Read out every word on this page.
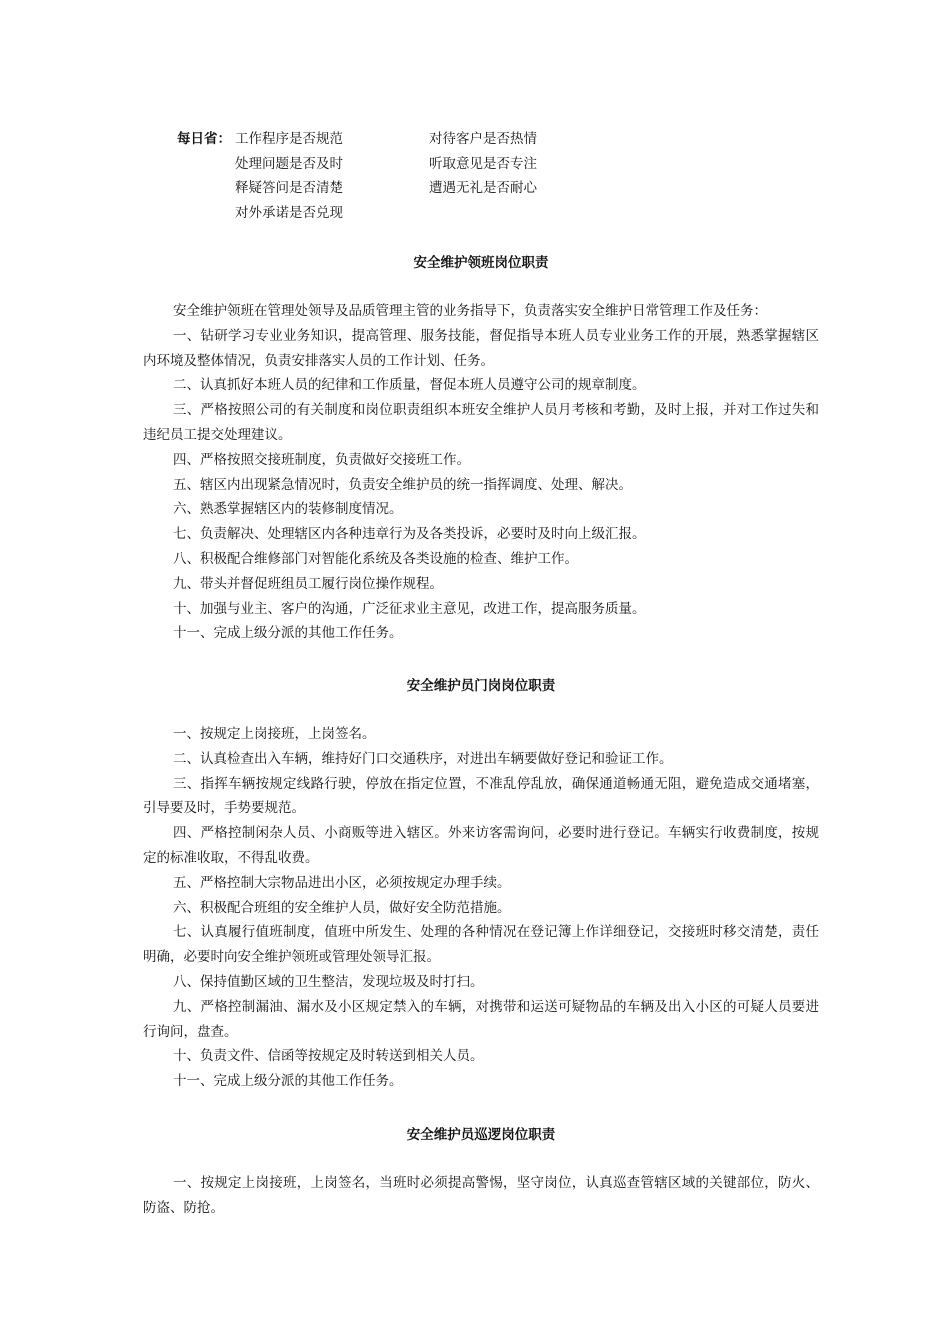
每日省： 工作程序是否规范	对待客户是否热情
处理问题是否及时	听取意见是否专注
释疑答问是否清楚	遭遇无礼是否耐心
对外承诺是否兑现
安全维护领班岗位职责

安全维护领班在管理处领导及品质管理主管的业务指导下，负责落实安全维护日常管理工作及任务：

一、钻研学习专业业务知识，提高管理、服务技能，督促指导本班人员专业业务工作的开展，熟悉掌握辖区内环境及整体情况，负责安排落实人员的工作计划、任务。

二、认真抓好本班人员的纪律和工作质量，督促本班人员遵守公司的规章制度。

三、严格按照公司的有关制度和岗位职责组织本班安全维护人员月考核和考勤，及时上报，并对工作过失和违纪员工提交处理建议。

四、严格按照交接班制度，负责做好交接班工作。

五、辖区内出现紧急情况时，负责安全维护员的统一指挥调度、处理、解决。

六、熟悉掌握辖区内的装修制度情况。

七、负责解决、处理辖区内各种违章行为及各类投诉，必要时及时向上级汇报。

八、积极配合维修部门对智能化系统及各类设施的检查、维护工作。

九、带头并督促班组员工履行岗位操作规程。

十、加强与业主、客户的沟通，广泛征求业主意见，改进工作，提高服务质量。

十一、完成上级分派的其他工作任务。

安全维护员门岗岗位职责

一、按规定上岗接班，上岗签名。

二、认真检查出入车辆，维持好门口交通秩序，对进出车辆要做好登记和验证工作。

三、指挥车辆按规定线路行驶，停放在指定位置，不准乱停乱放，确保通道畅通无阻，避免造成交通堵塞，引导要及时，手势要规范。

四、严格控制闲杂人员、小商贩等进入辖区。外来访客需询问，必要时进行登记。车辆实行收费制度，按规定的标准收取，不得乱收费。

五、严格控制大宗物品进出小区，必须按规定办理手续。

六、积极配合班组的安全维护人员，做好安全防范措施。

七、认真履行值班制度，值班中所发生、处理的各种情况在登记簿上作详细登记，交接班时移交清楚，责任明确，必要时向安全维护领班或管理处领导汇报。

八、保持值勤区域的卫生整洁，发现垃圾及时打扫。

九、严格控制漏油、漏水及小区规定禁入的车辆，对携带和运送可疑物品的车辆及出入小区的可疑人员要进行询问，盘查。

十、负责文件、信函等按规定及时转送到相关人员。

十一、完成上级分派的其他工作任务。

安全维护员巡逻岗位职责

一、按规定上岗接班，上岗签名，当班时必须提高警惕，坚守岗位，认真巡查管辖区域的关键部位，防火、防盗、防抢。
